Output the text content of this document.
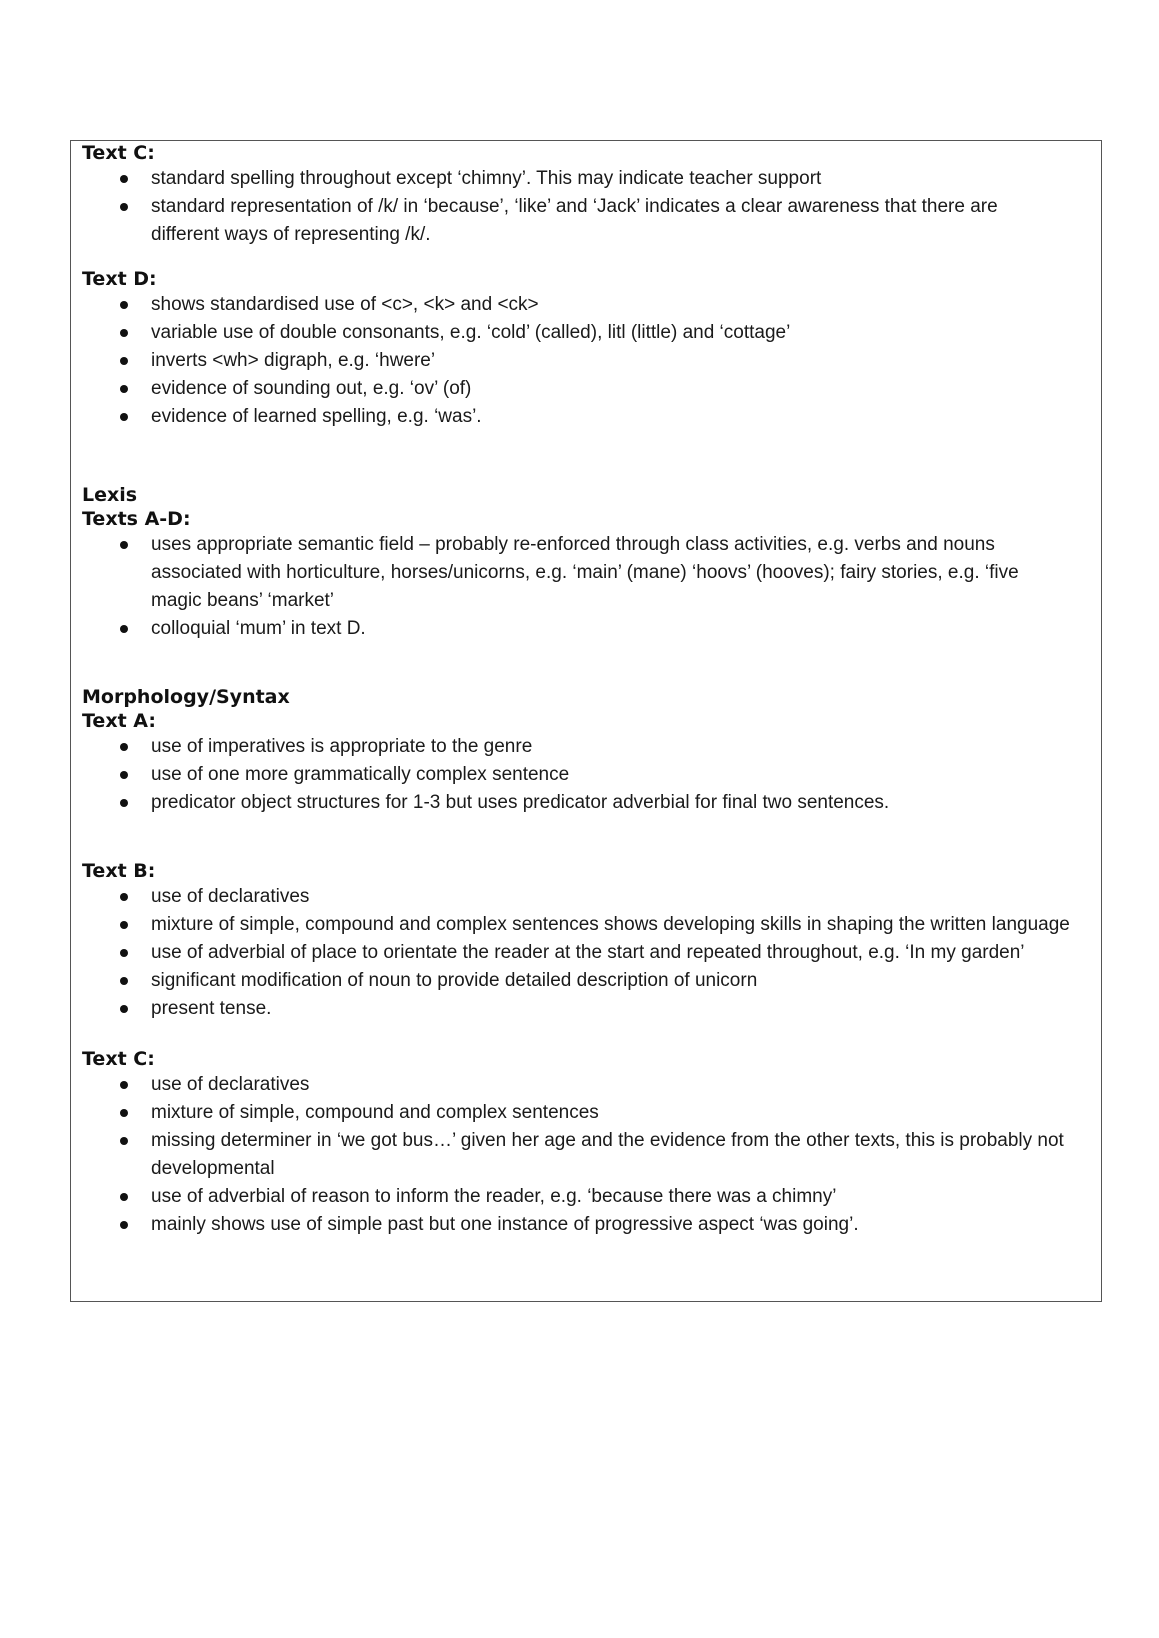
Text C:

standard spelling throughout except ‘chimny’. This may indicate teacher support
standard representation of /k/ in ‘because’, ‘like’ and ‘Jack’ indicates a clear awareness that there are different ways of representing /k/.

Text D:

shows standardised use of <c>, <k> and <ck>
variable use of double consonants, e.g. ‘cold’ (called), litl (little) and ‘cottage’
inverts <wh> digraph, e.g. ‘hwere’
evidence of sounding out, e.g. ‘ov’ (of)
evidence of learned spelling, e.g. ‘was’.

Lexis

Texts A-D:

uses appropriate semantic field – probably re-enforced through class activities, e.g. verbs and nouns associated with horticulture, horses/unicorns, e.g. ‘main’ (mane) ‘hoovs’ (hooves); fairy stories, e.g. ‘five magic beans’ ‘market’
colloquial ‘mum’ in text D.

Morphology/Syntax

Text A:

use of imperatives is appropriate to the genre
use of one more grammatically complex sentence
predicator object structures for 1-3 but uses predicator adverbial for final two sentences.

Text B:

use of declaratives
mixture of simple, compound and complex sentences shows developing skills in shaping the written language
use of adverbial of place to orientate the reader at the start and repeated throughout, e.g. ‘In my garden’
significant modification of noun to provide detailed description of unicorn
present tense.

Text C:

use of declaratives
mixture of simple, compound and complex sentences
missing determiner in ‘we got bus…’ given her age and the evidence from the other texts, this is probably not developmental
use of adverbial of reason to inform the reader, e.g. ‘because there was a chimny’
mainly shows use of simple past but one instance of progressive aspect ‘was going’.
